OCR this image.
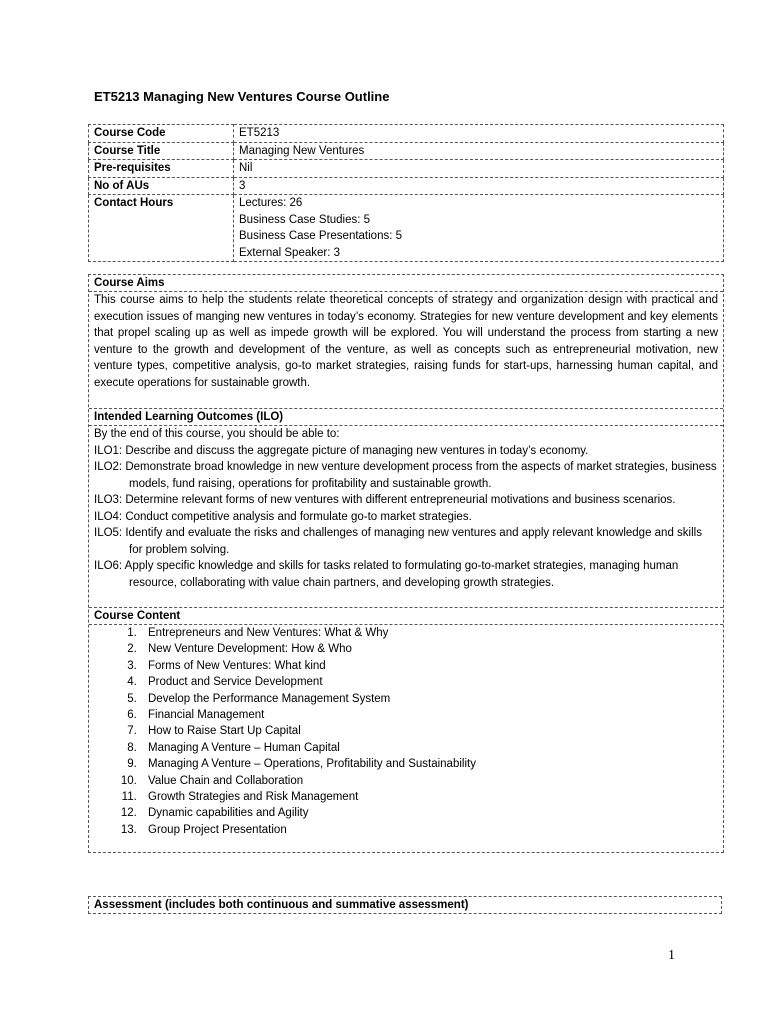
ET5213 Managing New Ventures Course Outline
Course Code	ET5213
Course Title	Managing New Ventures
Pre-requisites	Nil
No of AUs	3
Contact Hours	Lectures: 26
Business Case Studies: 5
Business Case Presentations: 5
External Speaker: 3
Course Aims

This course aims to help the students relate theoretical concepts of strategy and organization design with practical and execution issues of manging new ventures in today’s economy. Strategies for new venture development and key elements that propel scaling up as well as impede growth will be explored. You will understand the process from starting a new venture to the growth and development of the venture, as well as concepts such as entrepreneurial motivation, new venture types, competitive analysis, go-to market strategies, raising funds for start-ups, harnessing human capital, and execute operations for sustainable growth.

Intended Learning Outcomes (ILO)
By the end of this course, you should be able to:
ILO1: Describe and discuss the aggregate picture of managing new ventures in today’s economy.
ILO2: Demonstrate broad knowledge in new venture development process from the aspects of market strategies, business models, fund raising, operations for profitability and sustainable growth.
ILO3: Determine relevant forms of new ventures with different entrepreneurial motivations and business scenarios.
ILO4: Conduct competitive analysis and formulate go-to market strategies.
ILO5: Identify and evaluate the risks and challenges of managing new ventures and apply relevant knowledge and skills for problem solving.
ILO6: Apply specific knowledge and skills for tasks related to formulating go-to-market strategies, managing human resource, collaborating with value chain partners, and developing growth strategies.
Course Content
1. Entrepreneurs and New Ventures: What & Why
2. New Venture Development: How & Who
3. Forms of New Ventures: What kind
4. Product and Service Development
5. Develop the Performance Management System
6. Financial Management
7. How to Raise Start Up Capital
8. Managing A Venture – Human Capital
9. Managing A Venture – Operations, Profitability and Sustainability
10. Value Chain and Collaboration
11. Growth Strategies and Risk Management
12. Dynamic capabilities and Agility
13. Group Project Presentation
Assessment (includes both continuous and summative assessment)
1
